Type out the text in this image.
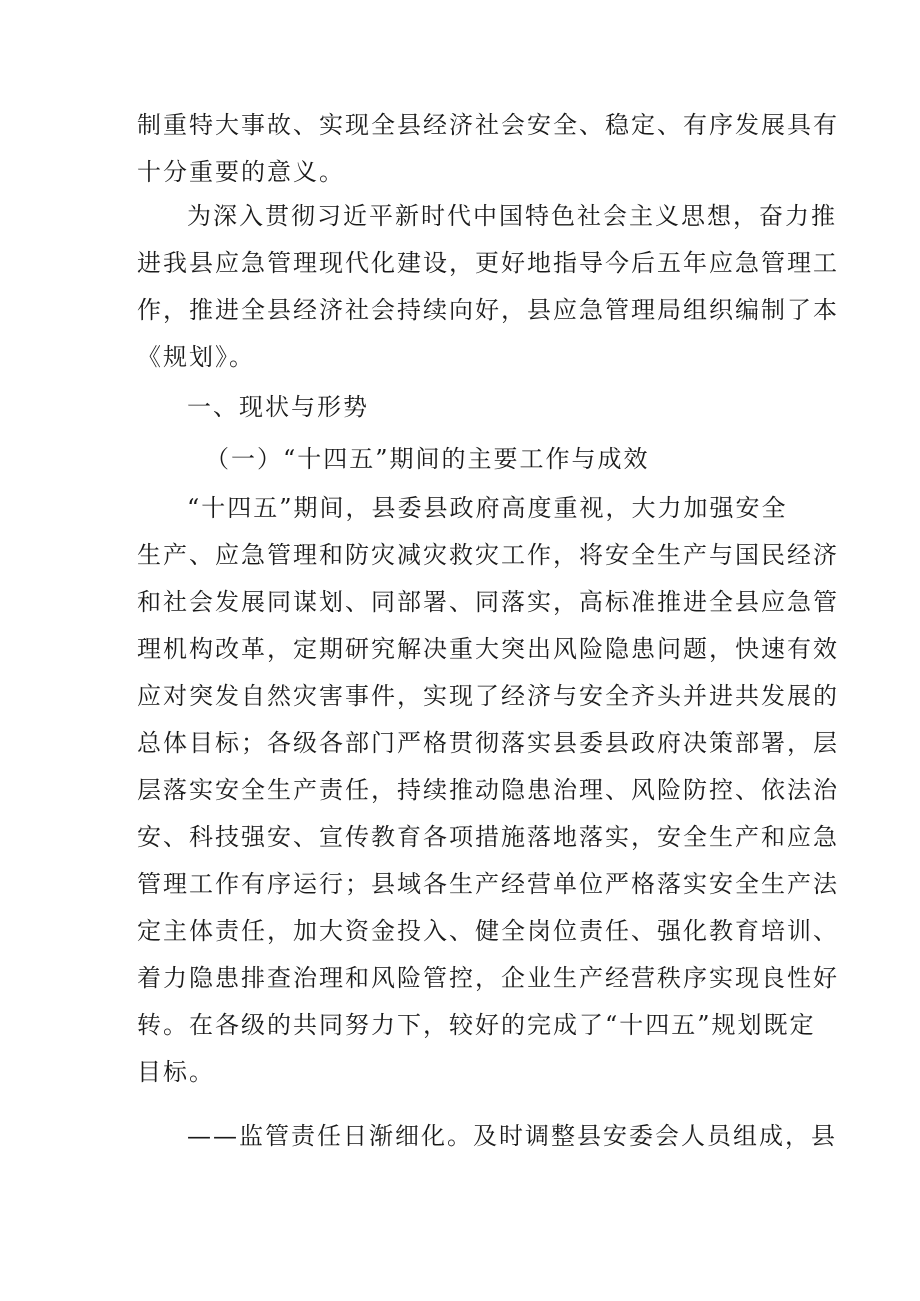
制重特大事故、实现全县经济社会安全、稳定、有序发展具有
十分重要的意义。
为深入贯彻习近平新时代中国特色社会主义思想，奋力推
进我县应急管理现代化建设，更好地指导今后五年应急管理工
作，推进全县经济社会持续向好，县应急管理局组织编制了本
《规划》。
一、现状与形势
（一）“十四五”期间的主要工作与成效
“十四五”期间，县委县政府高度重视，大力加强安全
生产、应急管理和防灾减灾救灾工作，将安全生产与国民经济
和社会发展同谋划、同部署、同落实，高标准推进全县应急管
理机构改革，定期研究解决重大突出风险隐患问题，快速有效
应对突发自然灾害事件，实现了经济与安全齐头并进共发展的
总体目标；各级各部门严格贯彻落实县委县政府决策部署，层
层落实安全生产责任，持续推动隐患治理、风险防控、依法治
安、科技强安、宣传教育各项措施落地落实，安全生产和应急
管理工作有序运行；县域各生产经营单位严格落实安全生产法
定主体责任，加大资金投入、健全岗位责任、强化教育培训、
着力隐患排查治理和风险管控，企业生产经营秩序实现良性好
转。在各级的共同努力下，较好的完成了“十四五”规划既定
目标。
——监管责任日渐细化。及时调整县安委会人员组成，县
